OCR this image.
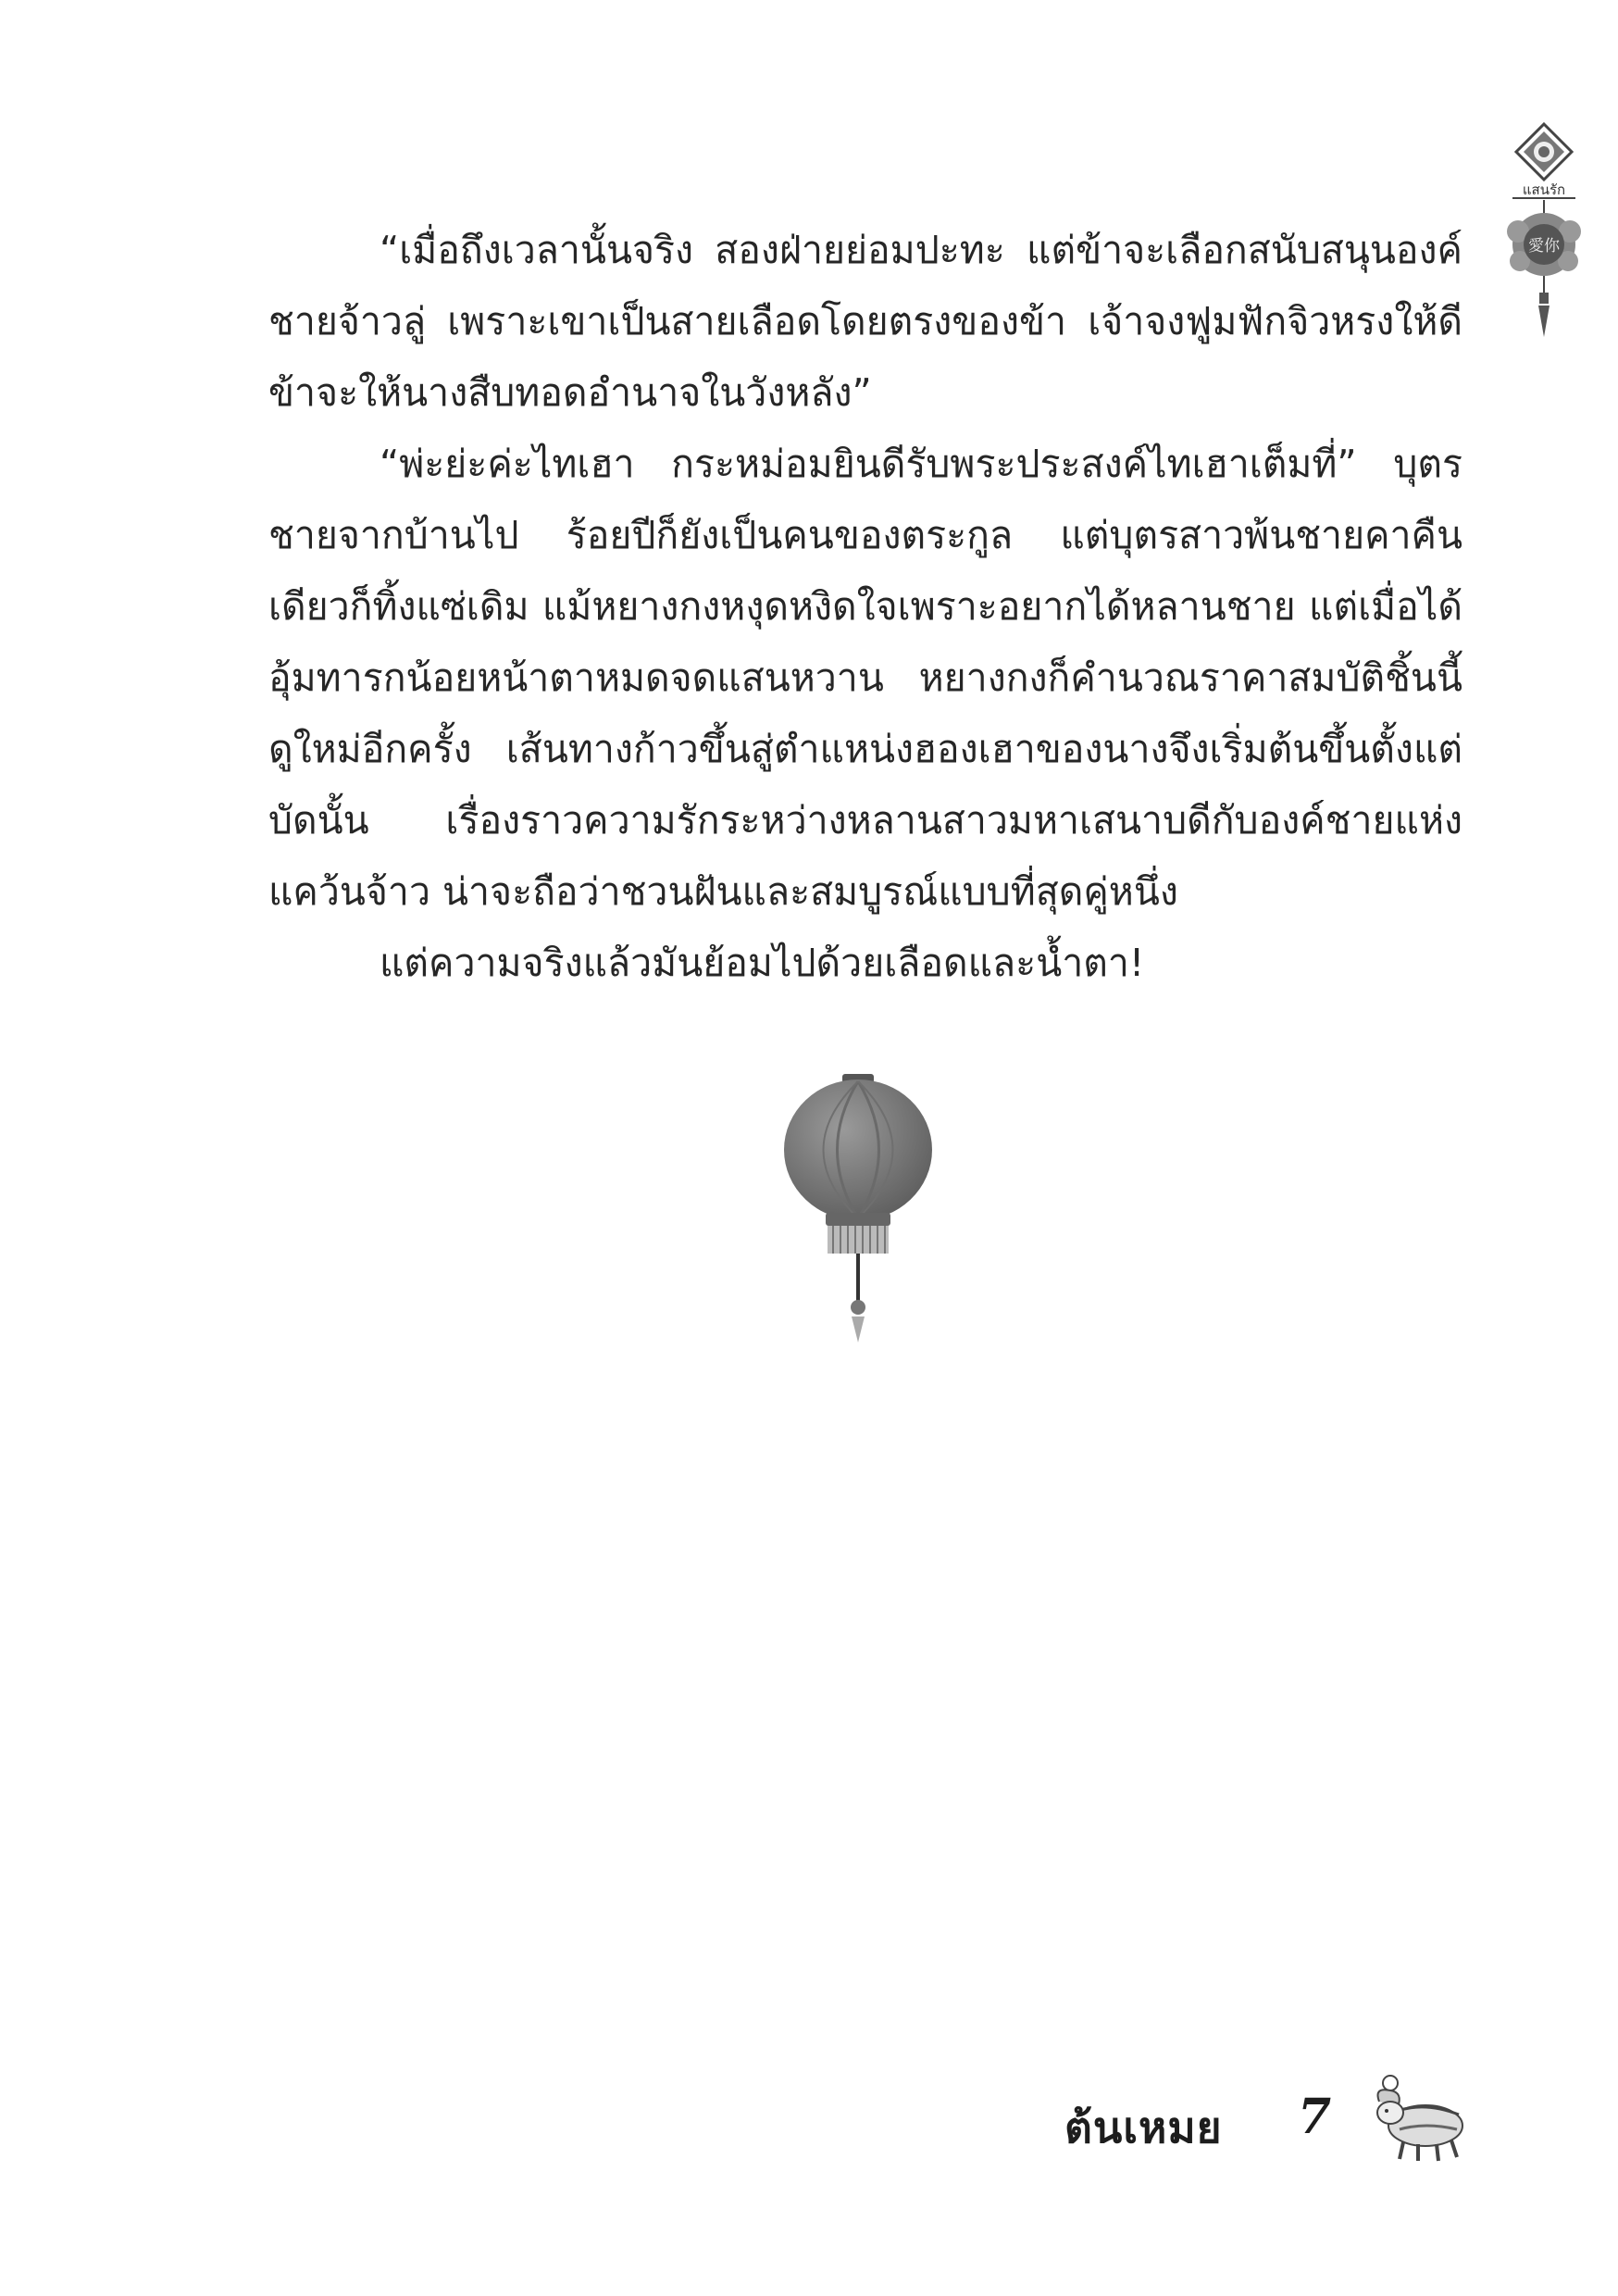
แสนรัก
愛你

“เมื่อถึงเวลานั้นจริง สองฝ่ายย่อมปะทะ แต่ข้าจะเลือกสนับสนุนองค์ชายจ้าวลู่ เพราะเขาเป็นสายเลือดโดยตรงของข้า เจ้าจงฟูมฟักจิวหรงให้ดี ข้าจะให้นางสืบทอดอำนาจในวังหลัง”

“พ่ะย่ะค่ะไทเฮา กระหม่อมยินดีรับพระประสงค์ไทเฮาเต็มที่” บุตรชายจากบ้านไป ร้อยปีก็ยังเป็นคนของตระกูล แต่บุตรสาวพ้นชายคาคืนเดียวก็ทิ้งแซ่เดิม แม้หยางกงหงุดหงิดใจเพราะอยากได้หลานชาย แต่เมื่อได้อุ้มทารกน้อยหน้าตาหมดจดแสนหวาน หยางกงก็คำนวณราคาสมบัติชิ้นนี้ดูใหม่อีกครั้ง เส้นทางก้าวขึ้นสู่ตำแหน่งฮองเฮาของนางจึงเริ่มต้นขึ้นตั้งแต่บัดนั้น เรื่องราวความรักระหว่างหลานสาวมหาเสนาบดีกับองค์ชายแห่งแคว้นจ้าว น่าจะถือว่าชวนฝันและสมบูรณ์แบบที่สุดคู่หนึ่ง

แต่ความจริงแล้วมันย้อมไปด้วยเลือดและน้ำตา!

ต้นเหมย 7
